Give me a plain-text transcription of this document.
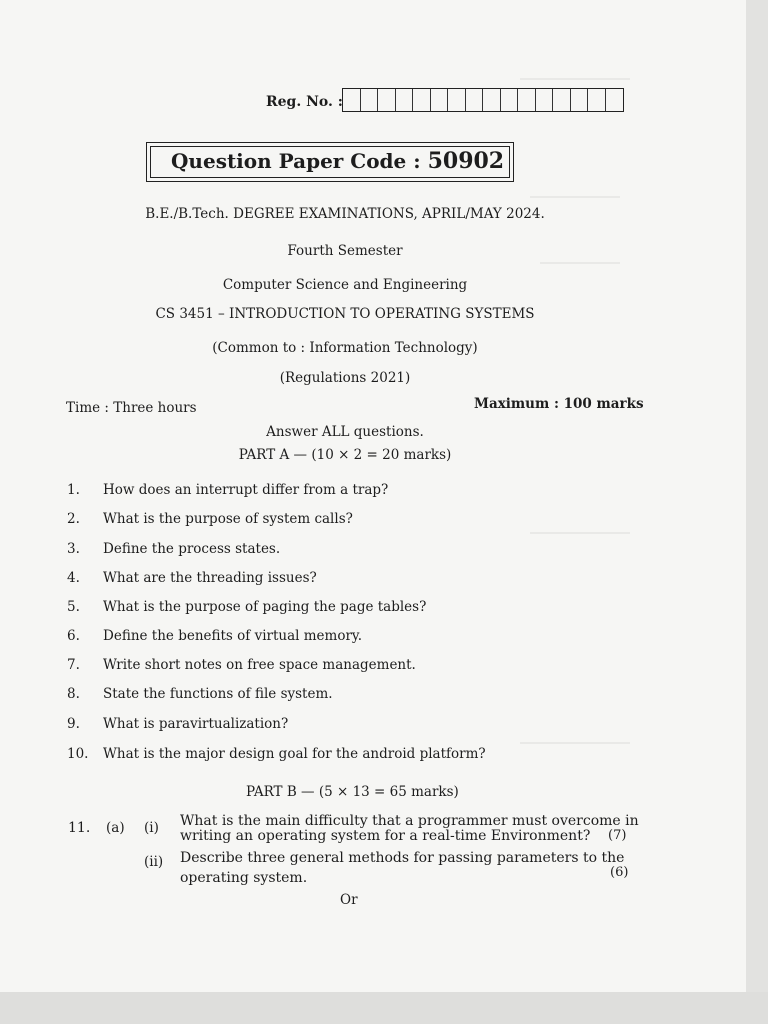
Reg. No. :
Question Paper Code : 50902
B.E./B.Tech. DEGREE EXAMINATIONS, APRIL/MAY 2024.
Fourth Semester
Computer Science and Engineering
CS 3451 – INTRODUCTION TO OPERATING SYSTEMS
(Common to : Information Technology)
(Regulations 2021)
Time : Three hours	Maximum : 100 marks
Answer ALL questions.
PART A — (10 × 2 = 20 marks)
1. How does an interrupt differ from a trap?
2. What is the purpose of system calls?
3. Define the process states.
4. What are the threading issues?
5. What is the purpose of paging the page tables?
6. Define the benefits of virtual memory.
7. Write short notes on free space management.
8. State the functions of file system.
9. What is paravirtualization?
10. What is the major design goal for the android platform?
PART B — (5 × 13 = 65 marks)
11. (a) (i) What is the main difficulty that a programmer must overcome in
writing an operating system for a real-time Environment? (7)
(ii) Describe three general methods for passing parameters to the
operating system.	(6)
Or
